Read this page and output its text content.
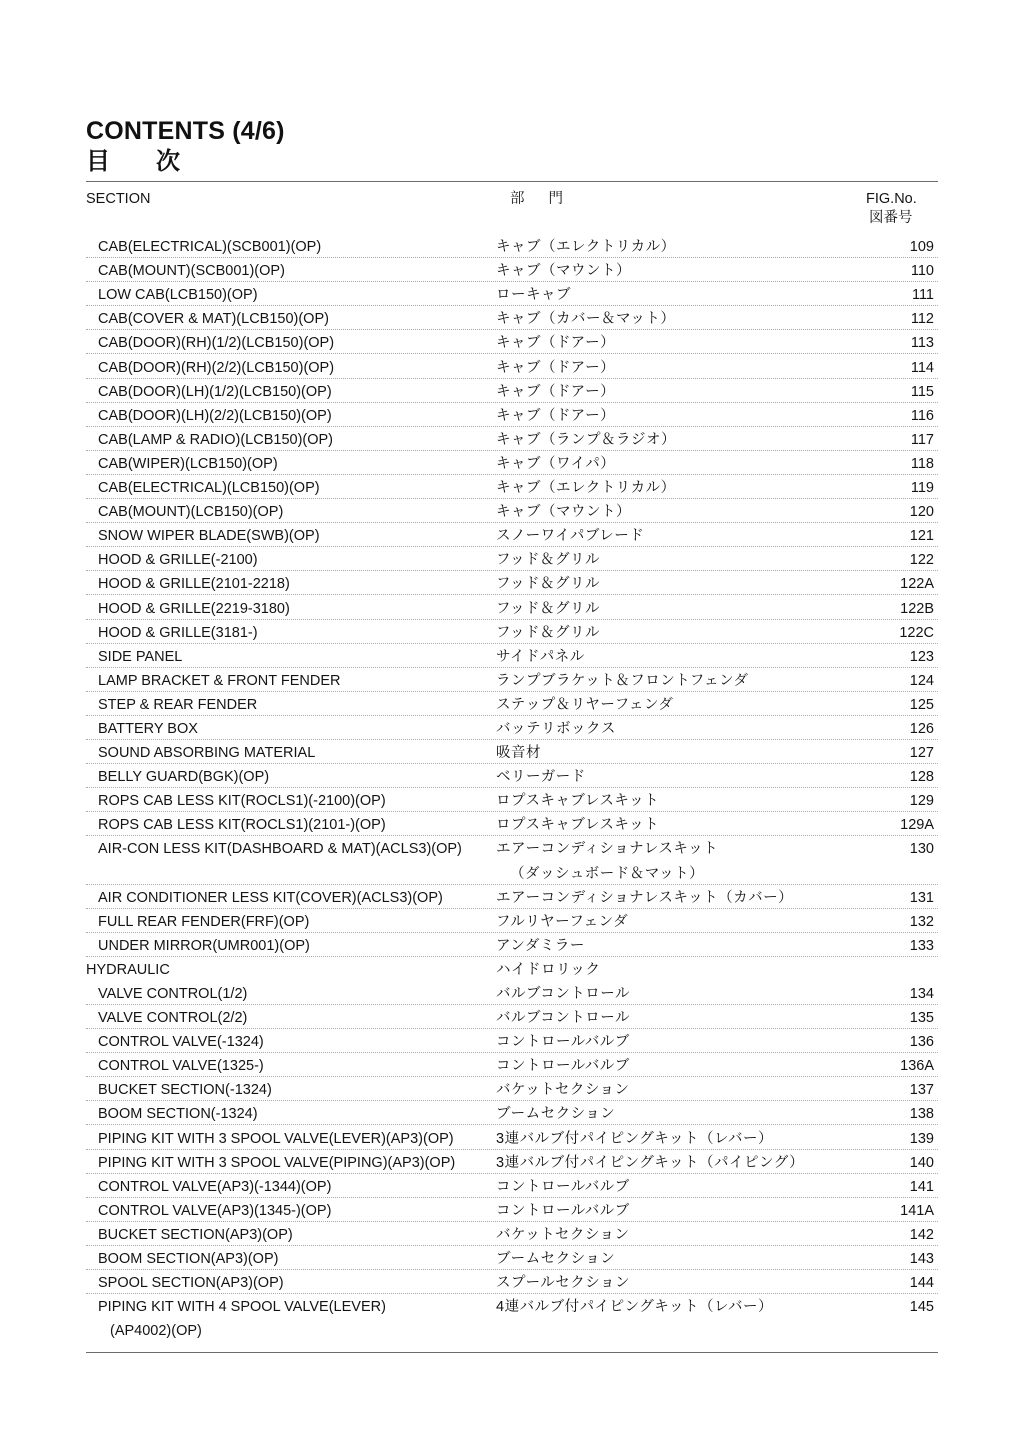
CONTENTS (4/6)
目 次
SECTION	部 門	FIG.No.
図番号
CAB(ELECTRICAL)(SCB001)(OP)	キャブ（エレクトリカル）	109
CAB(MOUNT)(SCB001)(OP)	キャブ（マウント）	110
LOW CAB(LCB150)(OP)	ローキャブ	111
CAB(COVER & MAT)(LCB150)(OP)	キャブ（カバー＆マット）	112
CAB(DOOR)(RH)(1/2)(LCB150)(OP)	キャブ（ドアー）	113
CAB(DOOR)(RH)(2/2)(LCB150)(OP)	キャブ（ドアー）	114
CAB(DOOR)(LH)(1/2)(LCB150)(OP)	キャブ（ドアー）	115
CAB(DOOR)(LH)(2/2)(LCB150)(OP)	キャブ（ドアー）	116
CAB(LAMP & RADIO)(LCB150)(OP)	キャブ（ランプ＆ラジオ）	117
CAB(WIPER)(LCB150)(OP)	キャブ（ワイパ）	118
CAB(ELECTRICAL)(LCB150)(OP)	キャブ（エレクトリカル）	119
CAB(MOUNT)(LCB150)(OP)	キャブ（マウント）	120
SNOW WIPER BLADE(SWB)(OP)	スノーワイパブレード	121
HOOD & GRILLE(-2100)	フッド＆グリル	122
HOOD & GRILLE(2101-2218)	フッド＆グリル	122A
HOOD & GRILLE(2219-3180)	フッド＆グリル	122B
HOOD & GRILLE(3181-)	フッド＆グリル	122C
SIDE PANEL	サイドパネル	123
LAMP BRACKET & FRONT FENDER	ランプブラケット＆フロントフェンダ	124
STEP & REAR FENDER	ステップ＆リヤーフェンダ	125
BATTERY BOX	バッテリボックス	126
SOUND ABSORBING MATERIAL	吸音材	127
BELLY GUARD(BGK)(OP)	ベリーガード	128
ROPS CAB LESS KIT(ROCLS1)(-2100)(OP)	ロプスキャブレスキット	129
ROPS CAB LESS KIT(ROCLS1)(2101-)(OP)	ロプスキャブレスキット	129A
AIR-CON LESS KIT(DASHBOARD & MAT)(ACLS3)(OP) エアーコンディショナレスキット	130
（ダッシュボード＆マット）
AIR CONDITIONER LESS KIT(COVER)(ACLS3)(OP)	エアーコンディショナレスキット（カバー）	131
FULL REAR FENDER(FRF)(OP)	フルリヤーフェンダ	132
UNDER MIRROR(UMR001)(OP)	アンダミラー	133
HYDRAULIC	ハイドロリック
VALVE CONTROL(1/2)	バルブコントロール	134
VALVE CONTROL(2/2)	バルブコントロール	135
CONTROL VALVE(-1324)	コントロールバルブ	136
CONTROL VALVE(1325-)	コントロールバルブ	136A
BUCKET SECTION(-1324)	バケットセクション	137
BOOM SECTION(-1324)	ブームセクション	138
PIPING KIT WITH 3 SPOOL VALVE(LEVER)(AP3)(OP)	3連バルブ付パイピングキット（レバー）	139
PIPING KIT WITH 3 SPOOL VALVE(PIPING)(AP3)(OP)	3連バルブ付パイピングキット（パイピング）	140
CONTROL VALVE(AP3)(-1344)(OP)	コントロールバルブ	141
CONTROL VALVE(AP3)(1345-)(OP)	コントロールバルブ	141A
BUCKET SECTION(AP3)(OP)	バケットセクション	142
BOOM SECTION(AP3)(OP)	ブームセクション	143
SPOOL SECTION(AP3)(OP)	スプールセクション	144
PIPING KIT WITH 4 SPOOL VALVE(LEVER)	4連バルブ付パイピングキット（レバー）	145
(AP4002)(OP)
